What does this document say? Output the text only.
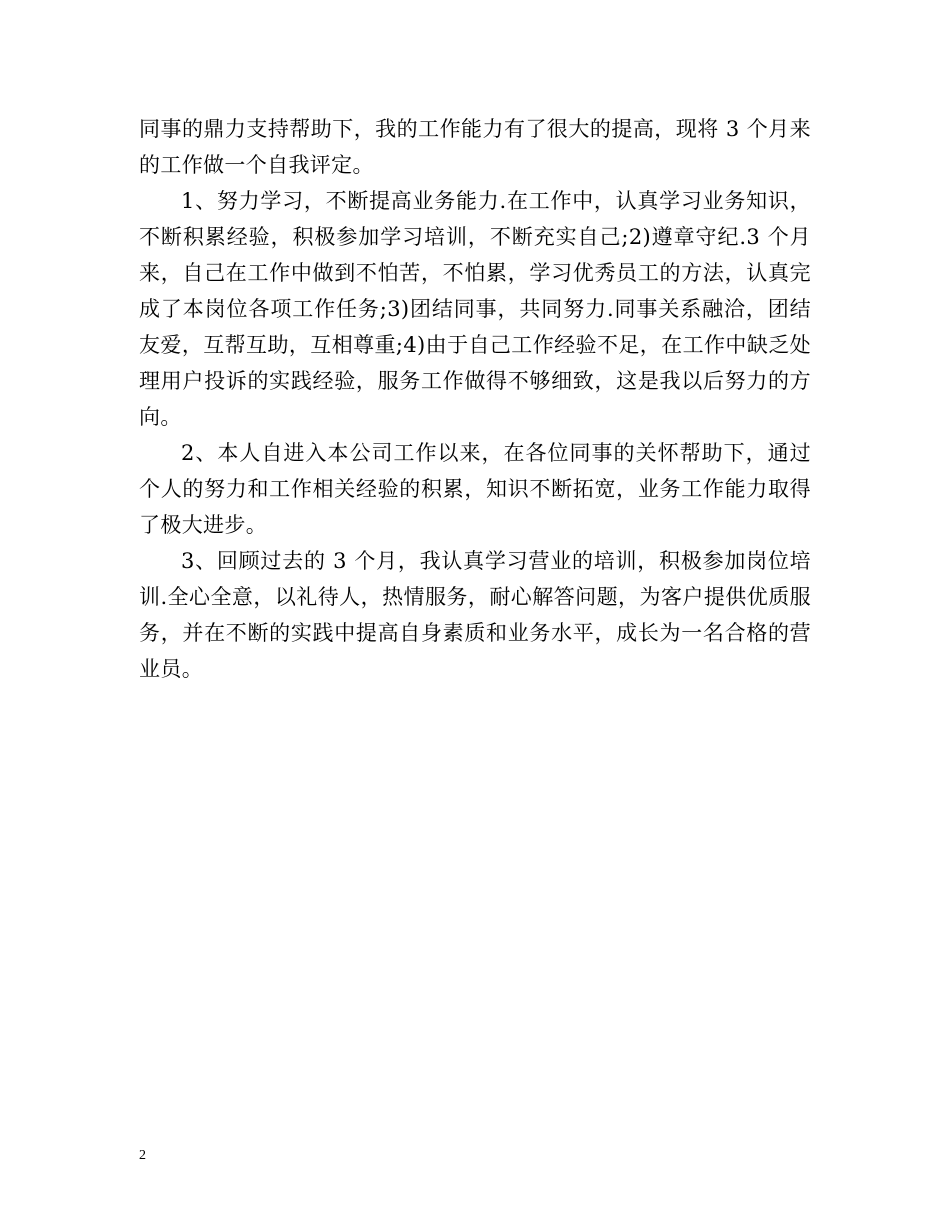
同事的鼎力支持帮助下，我的工作能力有了很大的提高，现将 3 个月来的工作做一个自我评定。

1、努力学习，不断提高业务能力.在工作中，认真学习业务知识，不断积累经验，积极参加学习培训，不断充实自己;2)遵章守纪.3 个月来，自己在工作中做到不怕苦，不怕累，学习优秀员工的方法，认真完成了本岗位各项工作任务;3)团结同事，共同努力.同事关系融洽，团结友爱，互帮互助，互相尊重;4)由于自己工作经验不足，在工作中缺乏处理用户投诉的实践经验，服务工作做得不够细致，这是我以后努力的方向。

2、本人自进入本公司工作以来，在各位同事的关怀帮助下，通过个人的努力和工作相关经验的积累，知识不断拓宽，业务工作能力取得了极大进步。

3、回顾过去的 3 个月，我认真学习营业的培训，积极参加岗位培训.全心全意，以礼待人，热情服务，耐心解答问题，为客户提供优质服务，并在不断的实践中提高自身素质和业务水平，成长为一名合格的营业员。

2
